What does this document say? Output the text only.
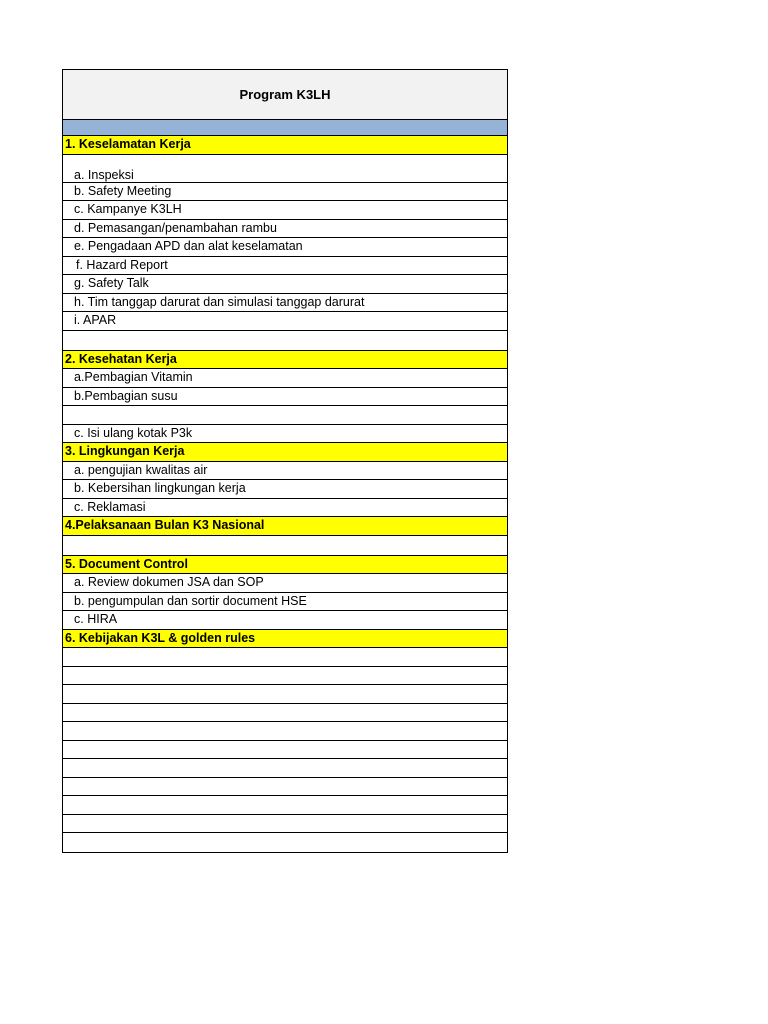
Program K3LH
1. Keselamatan Kerja
a. Inspeksi
b. Safety Meeting
c. Kampanye K3LH
d. Pemasangan/penambahan rambu
e. Pengadaan APD dan alat keselamatan
f. Hazard Report
g. Safety Talk
h. Tim tanggap darurat dan simulasi tanggap darurat
i. APAR
2. Kesehatan Kerja
a.Pembagian Vitamin
b.Pembagian susu
c. Isi ulang kotak P3k
3. Lingkungan Kerja
a. pengujian kwalitas air
b. Kebersihan lingkungan kerja
c. Reklamasi
4.Pelaksanaan Bulan K3 Nasional
5. Document Control
a. Review dokumen JSA dan SOP
b. pengumpulan dan sortir document HSE
c. HIRA
6. Kebijakan K3L & golden rules
